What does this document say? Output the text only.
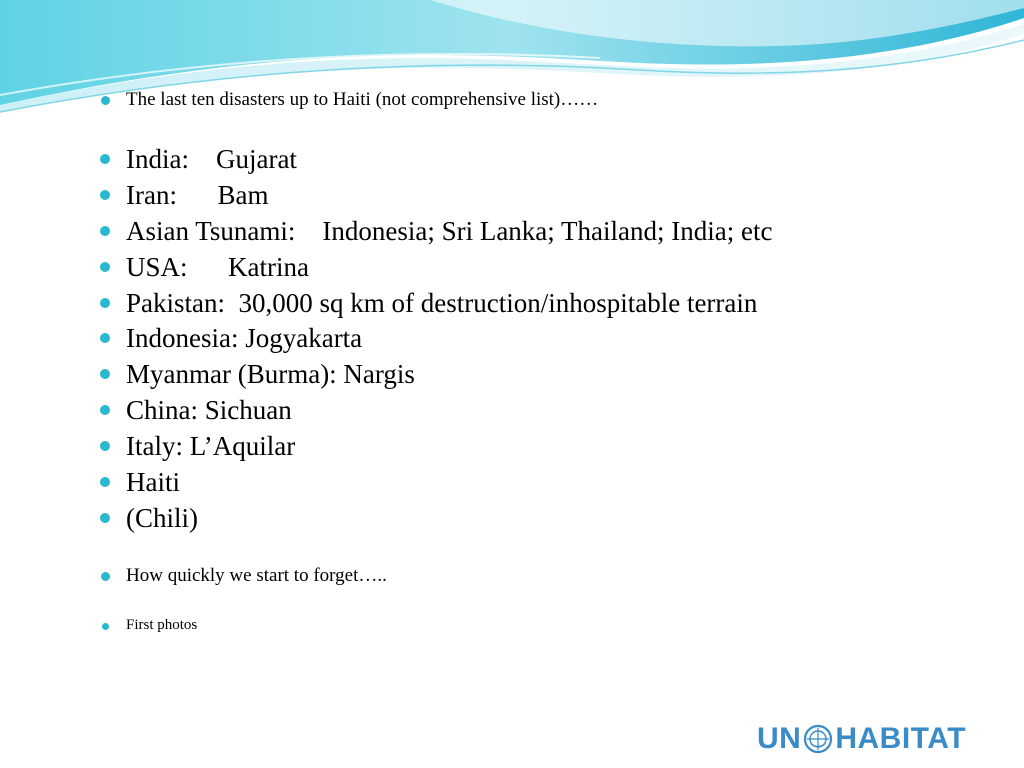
The last ten disasters up to Haiti (not comprehensive list)……
India:    Gujarat
Iran:      Bam
Asian Tsunami:    Indonesia; Sri Lanka; Thailand; India; etc
USA:      Katrina
Pakistan:  30,000 sq km of destruction/inhospitable terrain
Indonesia: Jogyakarta
Myanmar (Burma): Nargis
China: Sichuan
Italy: L’Aquilar
Haiti
(Chili)
How quickly we start to forget…..
First photos
UN HABITAT
